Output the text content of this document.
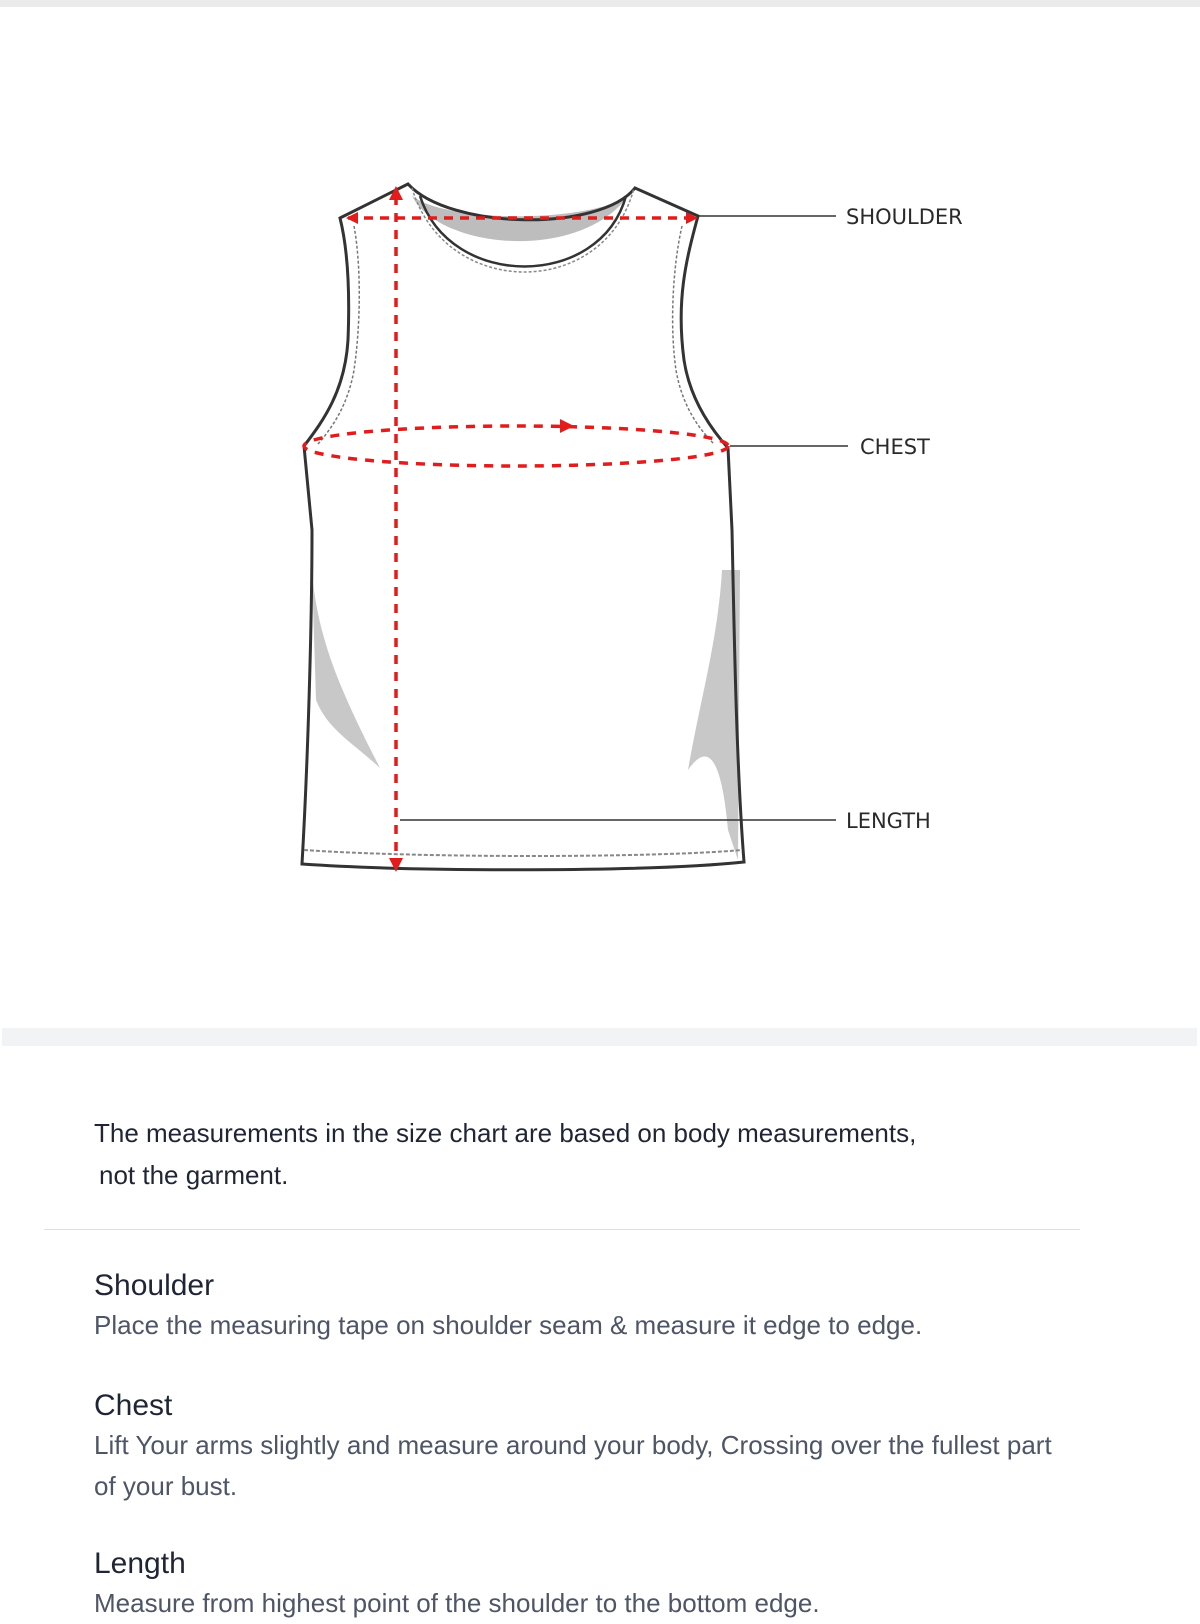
SHOULDER
CHEST
LENGTH
The measurements in the size chart are based on body measurements,
not the garment.
Shoulder
Place the measuring tape on shoulder seam & measure it edge to edge.
Chest
Lift Your arms slightly and measure around your body, Crossing over the fullest part of your bust.
Length
Measure from highest point of the shoulder to the bottom edge.
